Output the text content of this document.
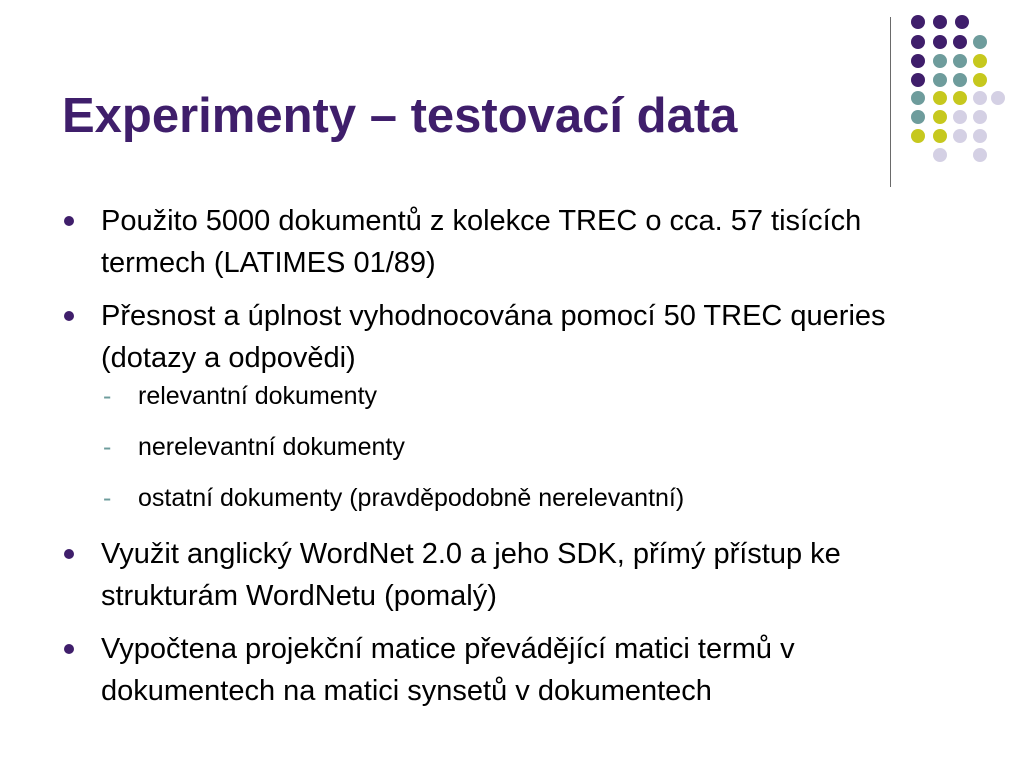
Experimenty – testovací data
Použito 5000 dokumentů z kolekce TREC o cca. 57 tisících termech (LATIMES 01/89)
Přesnost a úplnost vyhodnocována pomocí 50 TREC queries (dotazy a odpovědi)
- relevantní dokumenty
- nerelevantní dokumenty
- ostatní dokumenty (pravděpodobně nerelevantní)
Využit anglický WordNet 2.0 a jeho SDK, přímý přístup ke strukturám WordNetu (pomalý)
Vypočtena projekční matice převádějící matici termů v dokumentech na matici synsetů v dokumentech
